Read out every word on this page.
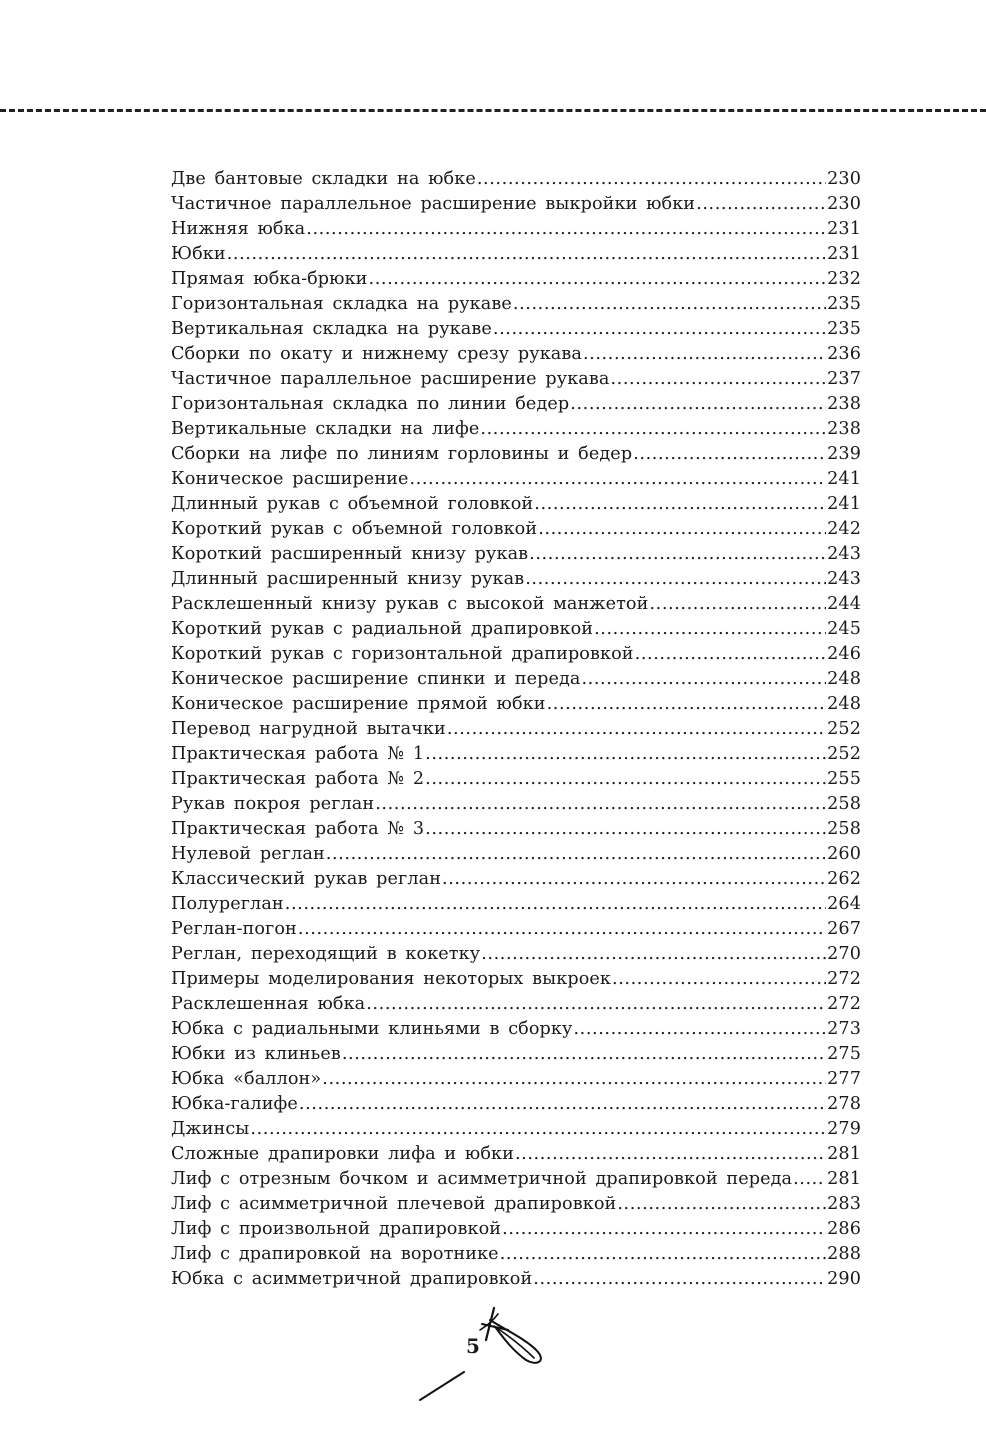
Две бантовые складки на юбке .....	230
Частичное параллельное расширение выкройки юбки .....	230
Нижняя юбка .....	231
Юбки .....	231
Прямая юбка-брюки .....	232
Горизонтальная складка на рукаве .....	235
Вертикальная складка на рукаве .....	235
Сборки по окату и нижнему срезу рукава .....	236
Частичное параллельное расширение рукава .....	237
Горизонтальная складка по линии бедер .....	238
Вертикальные складки на лифе .....	238
Сборки на лифе по линиям горловины и бедер .....	239
Коническое расширение .....	241
Длинный рукав с объемной головкой .....	241
Короткий рукав с объемной головкой .....	242
Короткий расширенный книзу рукав .....	243
Длинный расширенный книзу рукав .....	243
Расклешенный книзу рукав с высокой манжетой .....	244
Короткий рукав с радиальной драпировкой .....	245
Короткий рукав с горизонтальной драпировкой .....	246
Коническое расширение спинки и переда .....	248
Коническое расширение прямой юбки .....	248
Перевод нагрудной вытачки .....	252
Практическая работа № 1 .....	252
Практическая работа № 2 .....	255
Рукав покроя реглан .....	258
Практическая работа № 3 .....	258
Нулевой реглан .....	260
Классический рукав реглан .....	262
Полуреглан .....	264
Реглан-погон .....	267
Реглан, переходящий в кокетку .....	270
Примеры моделирования некоторых выкроек .....	272
Расклешенная юбка .....	272
Юбка с радиальными клиньями в сборку .....	273
Юбки из клиньев .....	275
Юбка «баллон» .....	277
Юбка-галифе .....	278
Джинсы .....	279
Сложные драпировки лифа и юбки .....	281
Лиф с отрезным бочком и асимметричной драпировкой переда ..... 281
Лиф с асимметричной плечевой драпировкой .....	283
Лиф с произвольной драпировкой .....	286
Лиф с драпировкой на воротнике .....	288
Юбка с асимметричной драпировкой .....	290
5
